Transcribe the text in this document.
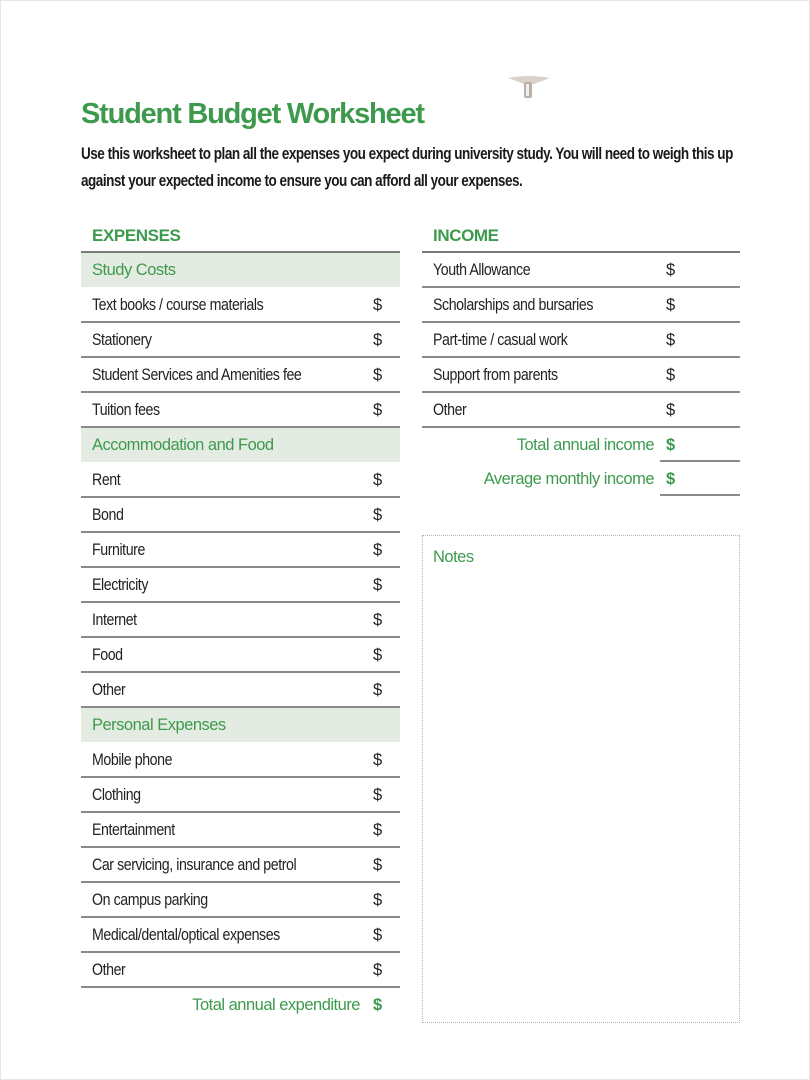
Student Budget Worksheet
Use this worksheet to plan all the expenses you expect during university study. You will need to weigh this up against your expected income to ensure you can afford all your expenses.
EXPENSES
Study Costs
Text books / course materials	$
Stationery	$
Student Services and Amenities fee	$
Tuition fees	$
Accommodation and Food
Rent	$
Bond	$
Furniture	$
Electricity	$
Internet	$
Food	$
Other	$
Personal Expenses
Mobile phone	$
Clothing	$
Entertainment	$
Car servicing, insurance and petrol	$
On campus parking	$
Medical/dental/optical expenses	$
Other	$
Total annual expenditure $
INCOME
Youth Allowance	$
Scholarships and bursaries	$
Part-time / casual work	$
Support from parents	$
Other	$
Total annual income $
Average monthly income $
Notes
